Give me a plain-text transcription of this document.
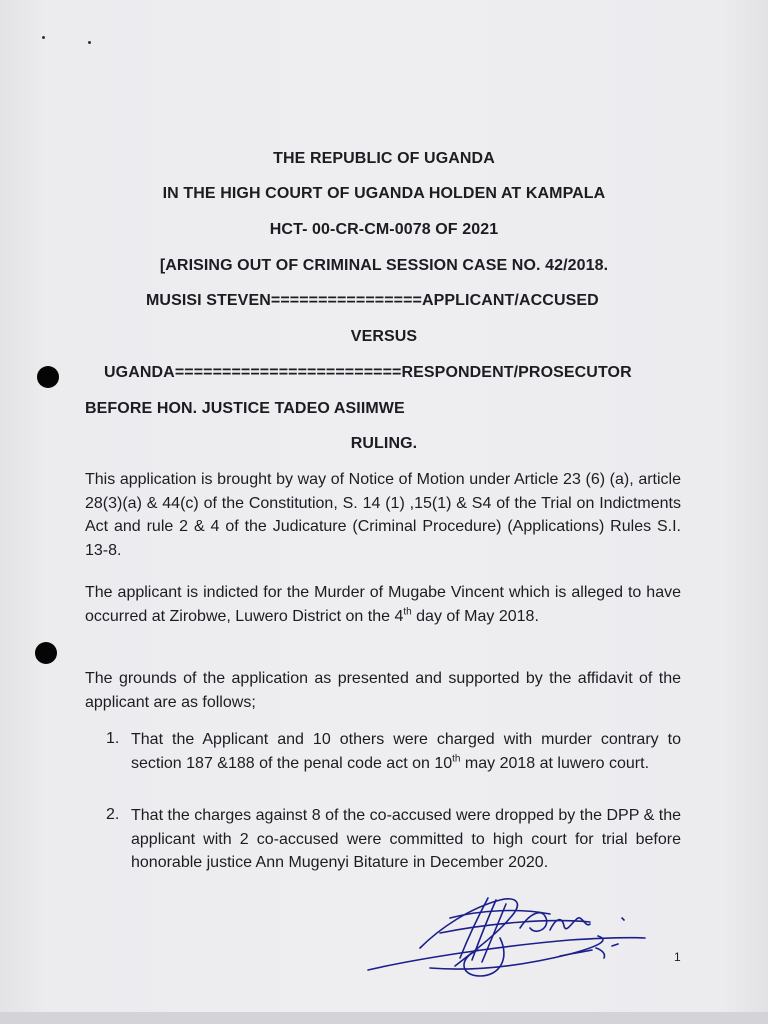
THE REPUBLIC OF UGANDA
IN THE HIGH COURT OF UGANDA HOLDEN AT KAMPALA
HCT- 00-CR-CM-0078 OF 2021
[ARISING OUT OF CRIMINAL SESSION CASE NO. 42/2018.
MUSISI STEVEN================APPLICANT/ACCUSED
VERSUS
UGANDA========================RESPONDENT/PROSECUTOR
BEFORE HON. JUSTICE TADEO ASIIMWE
RULING.
This application is brought by way of Notice of Motion under Article 23 (6) (a), article 28(3)(a) & 44(c) of the Constitution, S. 14 (1) ,15(1) & S4 of the Trial on Indictments Act and rule 2 & 4 of the Judicature (Criminal Procedure) (Applications) Rules S.I. 13-8.
The applicant is indicted for the Murder of Mugabe Vincent which is alleged to have occurred at Zirobwe, Luwero District on the 4th day of May 2018.
The grounds of the application as presented and supported by the affidavit of the applicant are as follows;
1. That the Applicant and 10 others were charged with murder contrary to section 187 &188 of the penal code act on 10th may 2018 at luwero court.
2. That the charges against 8 of the co-accused were dropped by the DPP & the applicant with 2 co-accused were committed to high court for trial before honorable justice Ann Mugenyi Bitature in December 2020.
1
